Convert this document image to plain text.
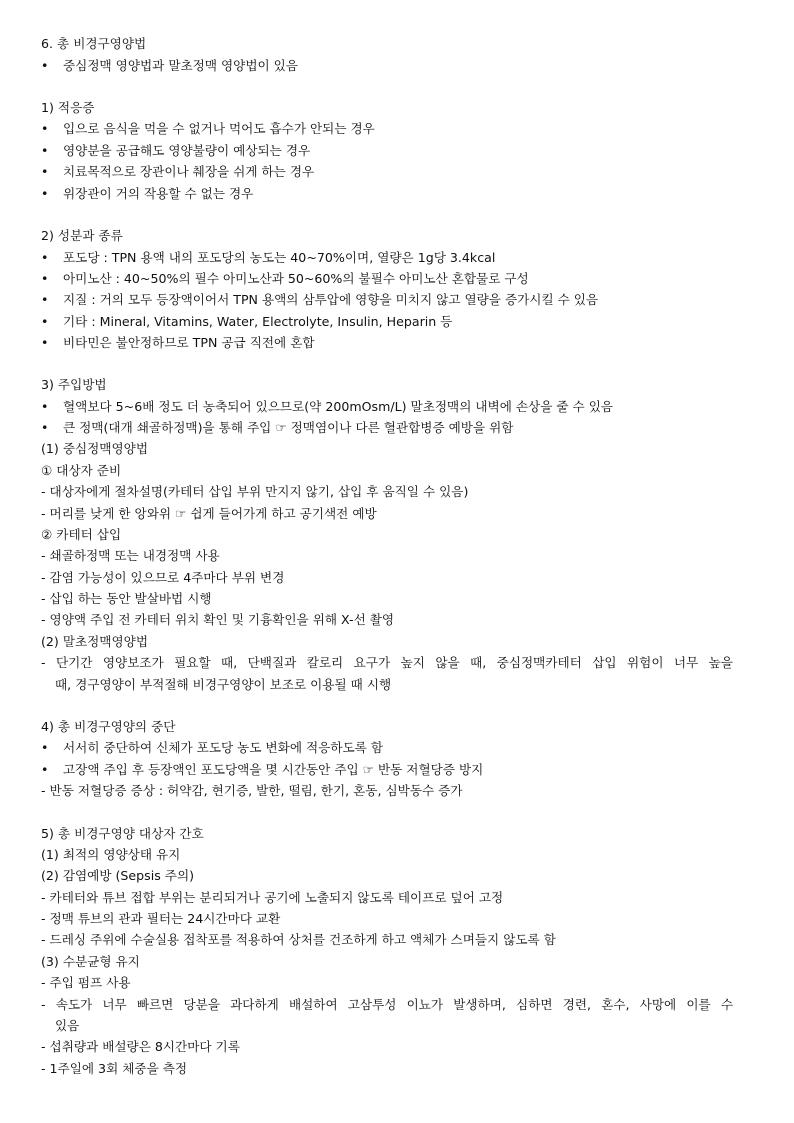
6. 총 비경구영양법
• 중심정맥 영양법과 말초정맥 영양법이 있음
1) 적응증
• 입으로 음식을 먹을 수 없거나 먹어도 흡수가 안되는 경우
• 영양분을 공급해도 영양불량이 예상되는 경우
• 치료목적으로 장관이나 췌장을 쉬게 하는 경우
• 위장관이 거의 작용할 수 없는 경우
2) 성분과 종류
• 포도당 : TPN 용액 내의 포도당의 농도는 40~70%이며, 열량은 1g당 3.4kcal
• 아미노산 : 40~50%의 필수 아미노산과 50~60%의 불필수 아미노산 혼합물로 구성
• 지질 : 거의 모두 등장액이어서 TPN 용액의 삼투압에 영향을 미치지 않고 열량을 증가시킬 수 있음
• 기타 : Mineral, Vitamins, Water, Electrolyte, Insulin, Heparin 등
• 비타민은 불안정하므로 TPN 공급 직전에 혼합
3) 주입방법
• 혈액보다 5~6배 정도 더 농축되어 있으므로(약 200mOsm/L) 말초정맥의 내벽에 손상을 줄 수 있음
• 큰 정맥(대개 쇄골하정맥)을 통해 주입 ☞ 정맥염이나 다른 혈관합병증 예방을 위함
(1) 중심정맥영양법
① 대상자 준비
- 대상자에게 절차설명(카테터 삽입 부위 만지지 않기, 삽입 후 움직일 수 있음)
- 머리를 낮게 한 앙와위 ☞ 쉽게 들어가게 하고 공기색전 예방
② 카테터 삽입
- 쇄골하정맥 또는 내경정맥 사용
- 감염 가능성이 있으므로 4주마다 부위 변경
- 삽입 하는 동안 발살바법 시행
- 영양액 주입 전 카테터 위치 확인 및 기흉확인을 위해 X-선 촬영
(2) 말초정맥영양법
- 단기간 영양보조가 필요할 때, 단백질과 칼로리 요구가 높지 않을 때, 중심정맥카테터 삽입 위험이 너무 높을
때, 경구영양이 부적절해 비경구영양이 보조로 이용될 때 시행
4) 총 비경구영양의 중단
• 서서히 중단하여 신체가 포도당 농도 변화에 적응하도록 함
• 고장액 주입 후 등장액인 포도당액을 몇 시간동안 주입 ☞ 반동 저혈당증 방지
- 반동 저혈당증 증상 : 허약감, 현기증, 발한, 떨림, 한기, 혼동, 심박동수 증가
5) 총 비경구영양 대상자 간호
(1) 최적의 영양상태 유지
(2) 감염예방 (Sepsis 주의)
- 카테터와 튜브 접합 부위는 분리되거나 공기에 노출되지 않도록 테이프로 덮어 고정
- 정맥 튜브의 관과 필터는 24시간마다 교환
- 드레싱 주위에 수술실용 접착포를 적용하여 상처를 건조하게 하고 액체가 스며들지 않도록 함
(3) 수분균형 유지
- 주입 펌프 사용
- 속도가 너무 빠르면 당분을 과다하게 배설하여 고삼투성 이뇨가 발생하며, 심하면 경련, 혼수, 사망에 이를 수
있음
- 섭취량과 배설량은 8시간마다 기록
- 1주일에 3회 체중을 측정
